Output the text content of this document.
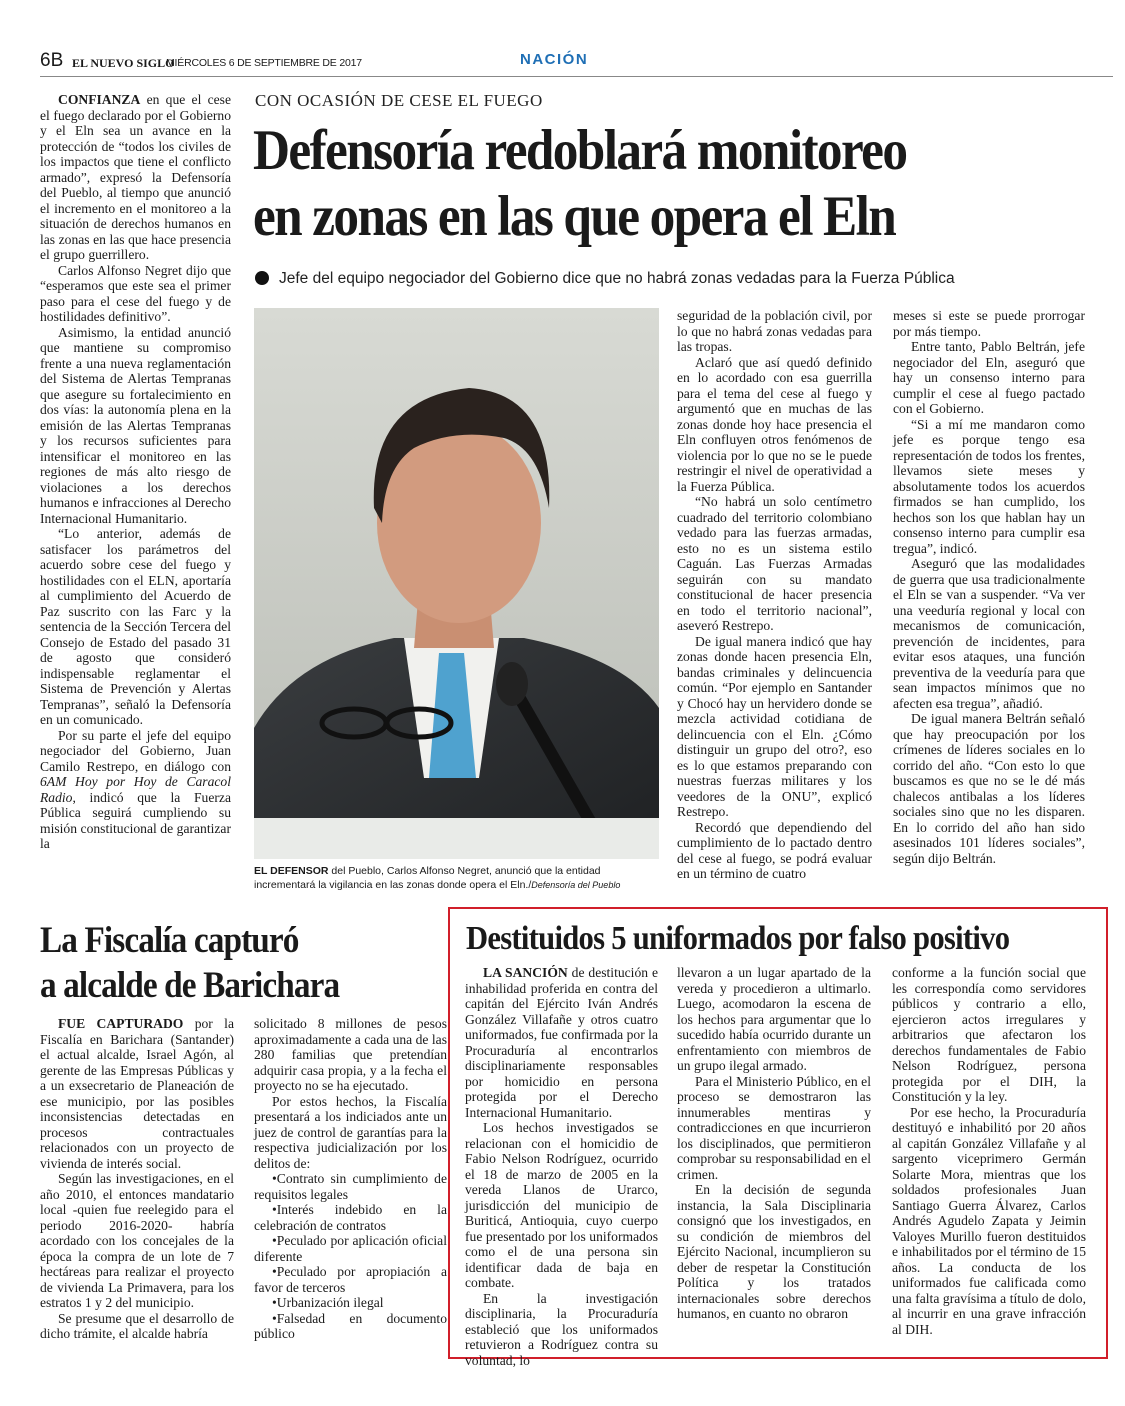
6B EL NUEVO SIGLO
MIÉRCOLES 6 DE SEPTIEMBRE DE 2017	NACIÓN
CON OCASIÓN DE CESE EL FUEGO
Defensoría redoblará monitoreo
en zonas en las que opera el Eln
Jefe del equipo negociador del Gobierno dice que no habrá zonas vedadas para la Fuerza Pública

CONFIANZA en que el cese el fuego declarado por el Gobierno y el Eln sea un avance en la protección de “todos los civiles de los impactos que tiene el conflicto armado”, expresó la Defensoría del Pueblo, al tiempo que anunció el incremento en el monitoreo a la situación de derechos humanos en las zonas en las que hace presencia el grupo guerrillero.

Carlos Alfonso Negret dijo que “esperamos que este sea el primer paso para el cese del fuego y de hostilidades definitivo”.

Asimismo, la entidad anunció que mantiene su compromiso frente a una nueva reglamentación del Sistema de Alertas Tempranas que asegure su fortalecimiento en dos vías: la autonomía plena en la emisión de las Alertas Tempranas y los recursos suficientes para intensificar el monitoreo en las regiones de más alto riesgo de violaciones a los derechos humanos e infracciones al Derecho Internacional Humanitario.

“Lo anterior, además de satisfacer los parámetros del acuerdo sobre cese del fuego y hostilidades con el ELN, aportaría al cumplimiento del Acuerdo de Paz suscrito con las Farc y la sentencia de la Sección Tercera del Consejo de Estado del pasado 31 de agosto que consideró indispensable reglamentar el Sistema de Prevención y Alertas Tempranas”, señaló la Defensoría en un comunicado.

Por su parte el jefe del equipo negociador del Gobierno, Juan Camilo Restrepo, en diálogo con 6AM Hoy por Hoy de Caracol Radio, indicó que la Fuerza Pública seguirá cumpliendo su misión constitucional de garantizar la

EL DEFENSOR del Pueblo, Carlos Alfonso Negret, anunció que la entidad incrementará la vigilancia en las zonas donde opera el Eln./Defensoría del Pueblo

seguridad de la población civil, por lo que no habrá zonas vedadas para las tropas.

Aclaró que así quedó definido en lo acordado con esa guerrilla para el tema del cese al fuego y argumentó que en muchas de las zonas donde hoy hace presencia el Eln confluyen otros fenómenos de violencia por lo que no se le puede restringir el nivel de operatividad a la Fuerza Pública.

“No habrá un solo centímetro cuadrado del territorio colombiano vedado para las fuerzas armadas, esto no es un sistema estilo Caguán. Las Fuerzas Armadas seguirán con su mandato constitucional de hacer presencia en todo el territorio nacional”, aseveró Restrepo.

De igual manera indicó que hay zonas donde hacen presencia Eln, bandas criminales y delincuencia común. “Por ejemplo en Santander y Chocó hay un hervidero donde se mezcla actividad cotidiana de delincuencia con el Eln. ¿Cómo distinguir un grupo del otro?, eso es lo que estamos preparando con nuestras fuerzas militares y los veedores de la ONU”, explicó Restrepo.

Recordó que dependiendo del cumplimiento de lo pactado dentro del cese al fuego, se podrá evaluar en un término de cuatro

meses si este se puede prorrogar por más tiempo.

Entre tanto, Pablo Beltrán, jefe negociador del Eln, aseguró que hay un consenso interno para cumplir el cese al fuego pactado con el Gobierno.

“Si a mí me mandaron como jefe es porque tengo esa representación de todos los frentes, llevamos siete meses y absolutamente todos los acuerdos firmados se han cumplido, los hechos son los que hablan hay un consenso interno para cumplir esa tregua”, indicó.

Aseguró que las modalidades de guerra que usa tradicionalmente el Eln se van a suspender. “Va ver una veeduría regional y local con mecanismos de comunicación, prevención de incidentes, para evitar esos ataques, una función preventiva de la veeduría para que sean impactos mínimos que no afecten esa tregua”, añadió.

De igual manera Beltrán señaló que hay preocupación por los crímenes de líderes sociales en lo corrido del año. “Con esto lo que buscamos es que no se le dé más chalecos antibalas a los líderes sociales sino que no les disparen. En lo corrido del año han sido asesinados 101 líderes sociales”, según dijo Beltrán.

La Fiscalía capturó
a alcalde de Barichara

FUE CAPTURADO por la Fiscalía en Barichara (Santander) el actual alcalde, Israel Agón, al gerente de las Empresas Públicas y a un exsecretario de Planeación de ese municipio, por las posibles inconsistencias detectadas en procesos contractuales relacionados con un proyecto de vivienda de interés social.

Según las investigaciones, en el año 2010, el entonces mandatario local -quien fue reelegido para el periodo 2016-2020- habría acordado con los concejales de la época la compra de un lote de 7 hectáreas para realizar el proyecto de vivienda La Primavera, para los estratos 1 y 2 del municipio.

Se presume que el desarrollo de dicho trámite, el alcalde habría

solicitado 8 millones de pesos aproximadamente a cada una de las 280 familias que pretendían adquirir casa propia, y a la fecha el proyecto no se ha ejecutado.

Por estos hechos, la Fiscalía presentará a los indiciados ante un juez de control de garantías para la respectiva judicialización por los delitos de:

•Contrato sin cumplimiento de requisitos legales

•Interés indebido en la celebración de contratos

•Peculado por aplicación oficial diferente

•Peculado por apropiación a favor de terceros

•Urbanización ilegal

•Falsedad en documento público

Destituidos 5 uniformados por falso positivo

LA SANCIÓN de destitución e inhabilidad proferida en contra del capitán del Ejército Iván Andrés González Villafañe y otros cuatro uniformados, fue confirmada por la Procuraduría al encontrarlos disciplinariamente responsables por homicidio en persona protegida por el Derecho Internacional Humanitario.

Los hechos investigados se relacionan con el homicidio de Fabio Nelson Rodríguez, ocurrido el 18 de marzo de 2005 en la vereda Llanos de Urarco, jurisdicción del municipio de Buriticá, Antioquia, cuyo cuerpo fue presentado por los uniformados como el de una persona sin identificar dada de baja en combate.

En la investigación disciplinaria, la Procuraduría estableció que los uniformados retuvieron a Rodríguez contra su voluntad, lo

llevaron a un lugar apartado de la vereda y procedieron a ultimarlo. Luego, acomodaron la escena de los hechos para argumentar que lo sucedido había ocurrido durante un enfrentamiento con miembros de un grupo ilegal armado.

Para el Ministerio Público, en el proceso se demostraron las innumerables mentiras y contradicciones en que incurrieron los disciplinados, que permitieron comprobar su responsabilidad en el crimen.

En la decisión de segunda instancia, la Sala Disciplinaria consignó que los investigados, en su condición de miembros del Ejército Nacional, incumplieron su deber de respetar la Constitución Política y los tratados internacionales sobre derechos humanos, en cuanto no obraron

conforme a la función social que les correspondía como servidores públicos y contrario a ello, ejercieron actos irregulares y arbitrarios que afectaron los derechos fundamentales de Fabio Nelson Rodríguez, persona protegida por el DIH, la Constitución y la ley.

Por ese hecho, la Procuraduría destituyó e inhabilitó por 20 años al capitán González Villafañe y al sargento viceprimero Germán Solarte Mora, mientras que los soldados profesionales Juan Santiago Guerra Álvarez, Carlos Andrés Agudelo Zapata y Jeimin Valoyes Murillo fueron destituidos e inhabilitados por el término de 15 años. La conducta de los uniformados fue calificada como una falta gravísima a título de dolo, al incurrir en una grave infracción al DIH.
